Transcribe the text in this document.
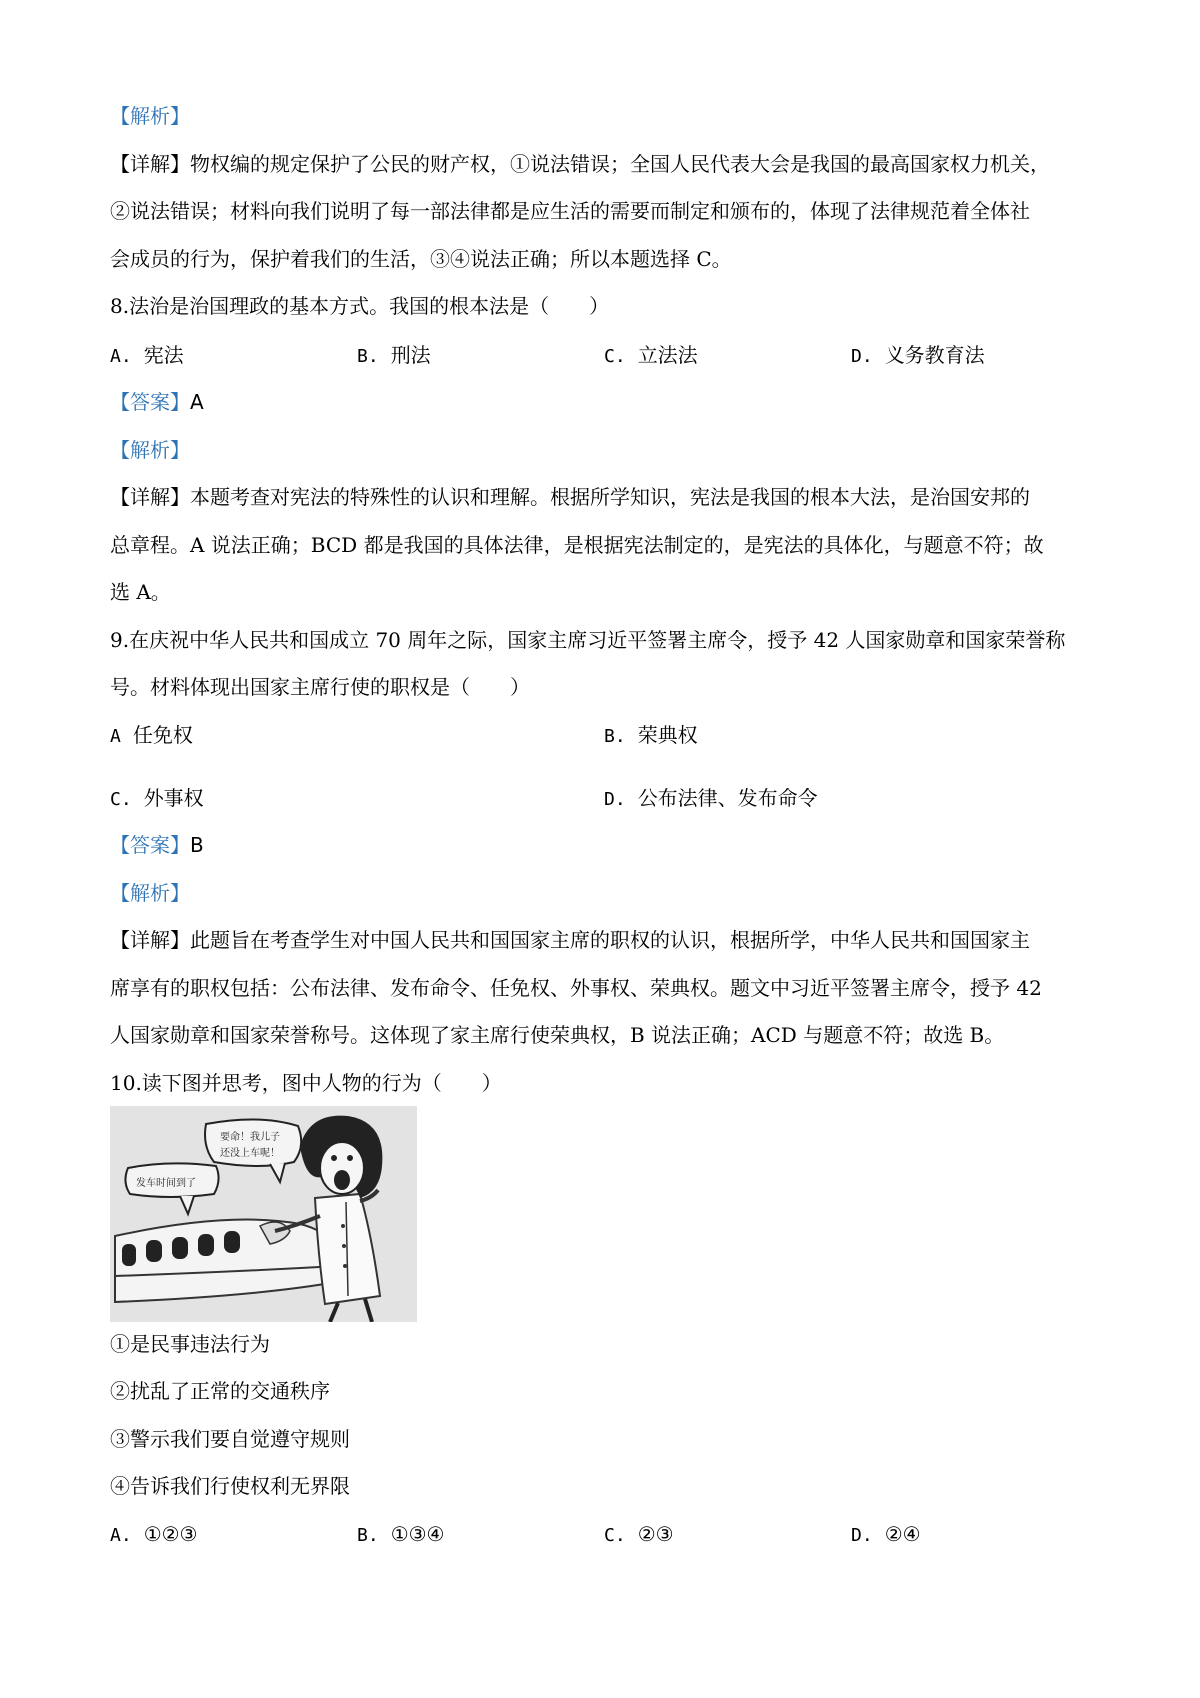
【解析】

【详解】物权编的规定保护了公民的财产权，①说法错误；全国人民代表大会是我国的最高国家权力机关，

②说法错误；材料向我们说明了每一部法律都是应生活的需要而制定和颁布的，体现了法律规范着全体社

会成员的行为，保护着我们的生活，③④说法正确；所以本题选择 C。

8.法治是治国理政的基本方式。我国的根本法是（　　）

A. 宪法	B. 刑法	C. 立法法	D. 义务教育法

【答案】A

【解析】

【详解】本题考查对宪法的特殊性的认识和理解。根据所学知识，宪法是我国的根本大法，是治国安邦的

总章程。A 说法正确；BCD 都是我国的具体法律，是根据宪法制定的，是宪法的具体化，与题意不符；故

选 A。

9.在庆祝中华人民共和国成立 70 周年之际，国家主席习近平签署主席令，授予 42 人国家勋章和国家荣誉称

号。材料体现出国家主席行使的职权是（　　）

A 任免权	B. 荣典权
C. 外事权	D. 公布法律、发布命令

【答案】B

【解析】

【详解】此题旨在考查学生对中国人民共和国国家主席的职权的认识，根据所学，中华人民共和国国家主

席享有的职权包括：公布法律、发布命令、任免权、外事权、荣典权。题文中习近平签署主席令，授予 42

人国家勋章和国家荣誉称号。这体现了家主席行使荣典权，B 说法正确；ACD 与题意不符；故选 B。

10.读下图并思考，图中人物的行为（　　）

要命！我儿子
还没上车呢！
发车时间到了

①是民事违法行为

②扰乱了正常的交通秩序

③警示我们要自觉遵守规则

④告诉我们行使权利无界限

A. ①②③	B. ①③④	C. ②③	D. ②④
